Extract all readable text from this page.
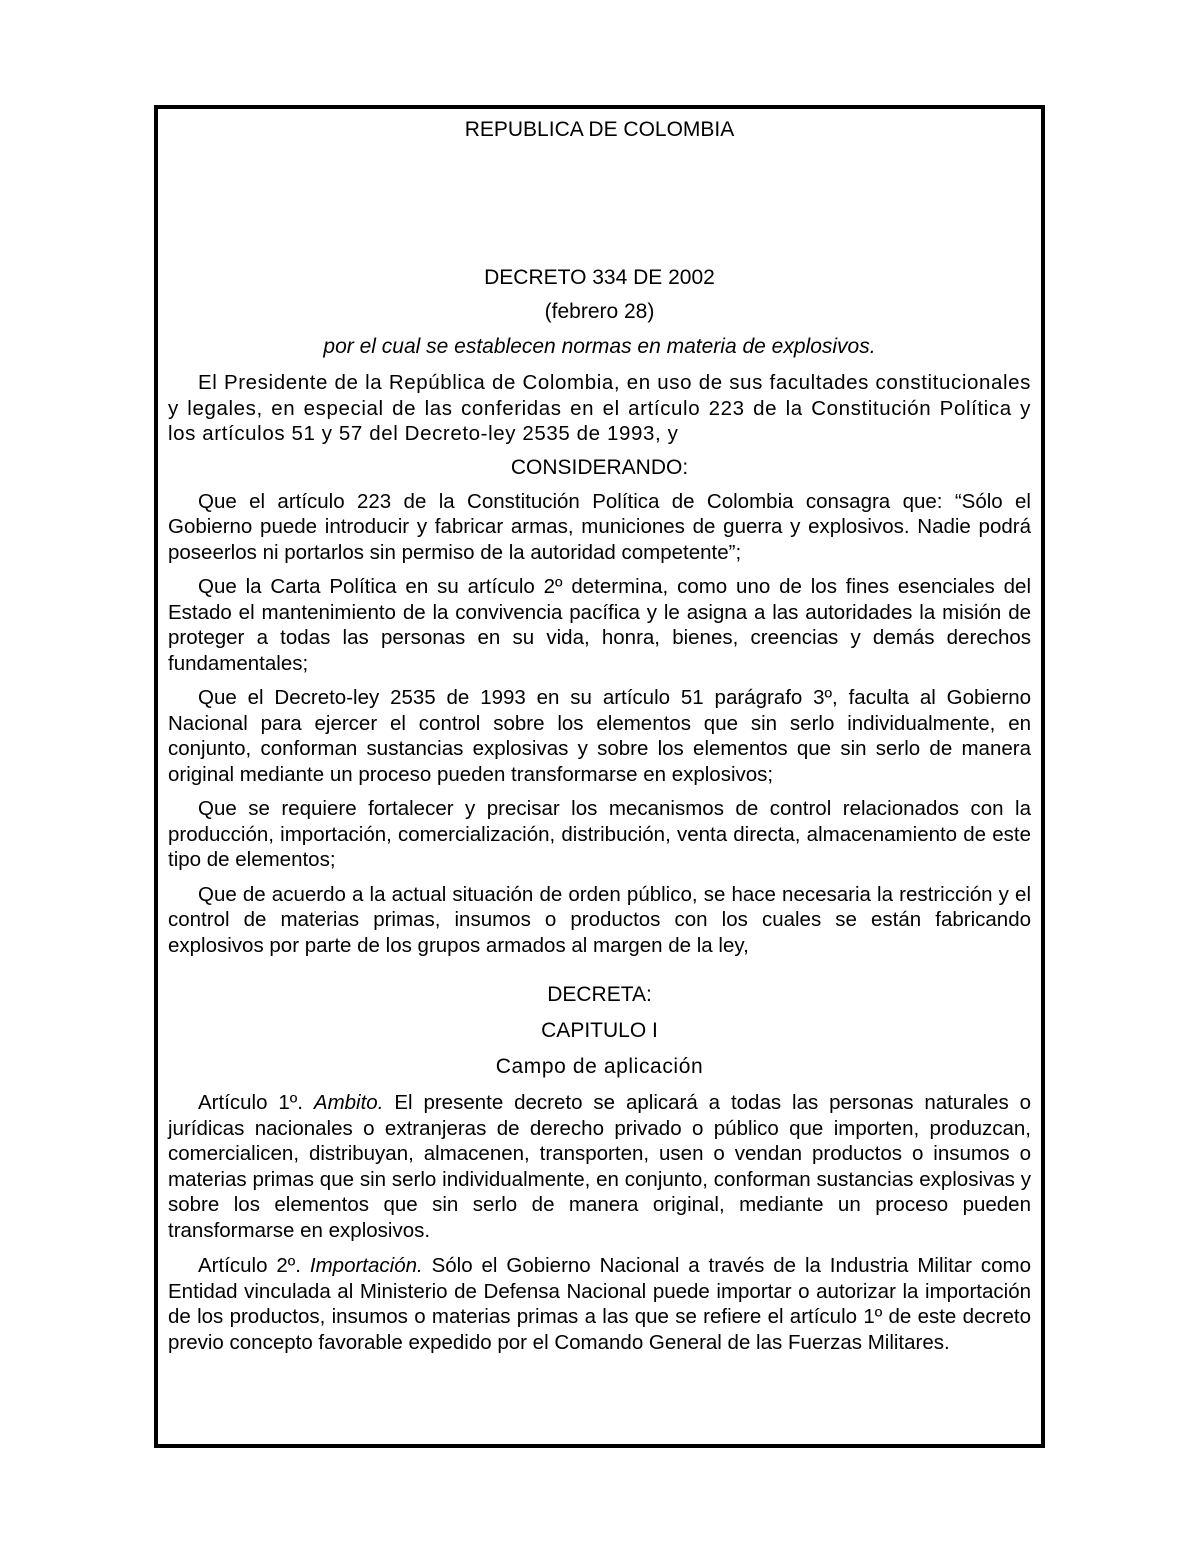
REPUBLICA DE COLOMBIA
DECRETO 334 DE 2002
(febrero 28)
por el cual se establecen normas en materia de explosivos.

El Presidente de la República de Colombia, en uso de sus facultades constitucionales y legales, en especial de las conferidas en el artículo 223 de la Constitución Política y los artículos 51 y 57 del Decreto-ley 2535 de 1993, y

CONSIDERANDO:

Que el artículo 223 de la Constitución Política de Colombia consagra que: “Sólo el Gobierno puede introducir y fabricar armas, municiones de guerra y explosivos. Nadie podrá poseerlos ni portarlos sin permiso de la autoridad competente”;

Que la Carta Política en su artículo 2º determina, como uno de los fines esenciales del Estado el mantenimiento de la convivencia pacífica y le asigna a las autoridades la misión de proteger a todas las personas en su vida, honra, bienes, creencias y demás derechos fundamentales;

Que el Decreto-ley 2535 de 1993 en su artículo 51 parágrafo 3º, faculta al Gobierno Nacional para ejercer el control sobre los elementos que sin serlo individualmente, en conjunto, conforman sustancias explosivas y sobre los elementos que sin serlo de manera original mediante un proceso pueden transformarse en explosivos;

Que se requiere fortalecer y precisar los mecanismos de control relacionados con la producción, importación, comercialización, distribución, venta directa, almacenamiento de este tipo de elementos;

Que de acuerdo a la actual situación de orden público, se hace necesaria la restricción y el control de materias primas, insumos o productos con los cuales se están fabricando explosivos por parte de los grupos armados al margen de la ley,

DECRETA:
CAPITULO I
Campo de aplicación

Artículo 1º. Ambito. El presente decreto se aplicará a todas las personas naturales o jurídicas nacionales o extranjeras de derecho privado o público que importen, produzcan, comercialicen, distribuyan, almacenen, transporten, usen o vendan productos o insumos o materias primas que sin serlo individualmente, en conjunto, conforman sustancias explosivas y sobre los elementos que sin serlo de manera original, mediante un proceso pueden transformarse en explosivos.

Artículo 2º. Importación. Sólo el Gobierno Nacional a través de la Industria Militar como Entidad vinculada al Ministerio de Defensa Nacional puede importar o autorizar la importación de los productos, insumos o materias primas a las que se refiere el artículo 1º de este decreto previo concepto favorable expedido por el Comando General de las Fuerzas Militares.
